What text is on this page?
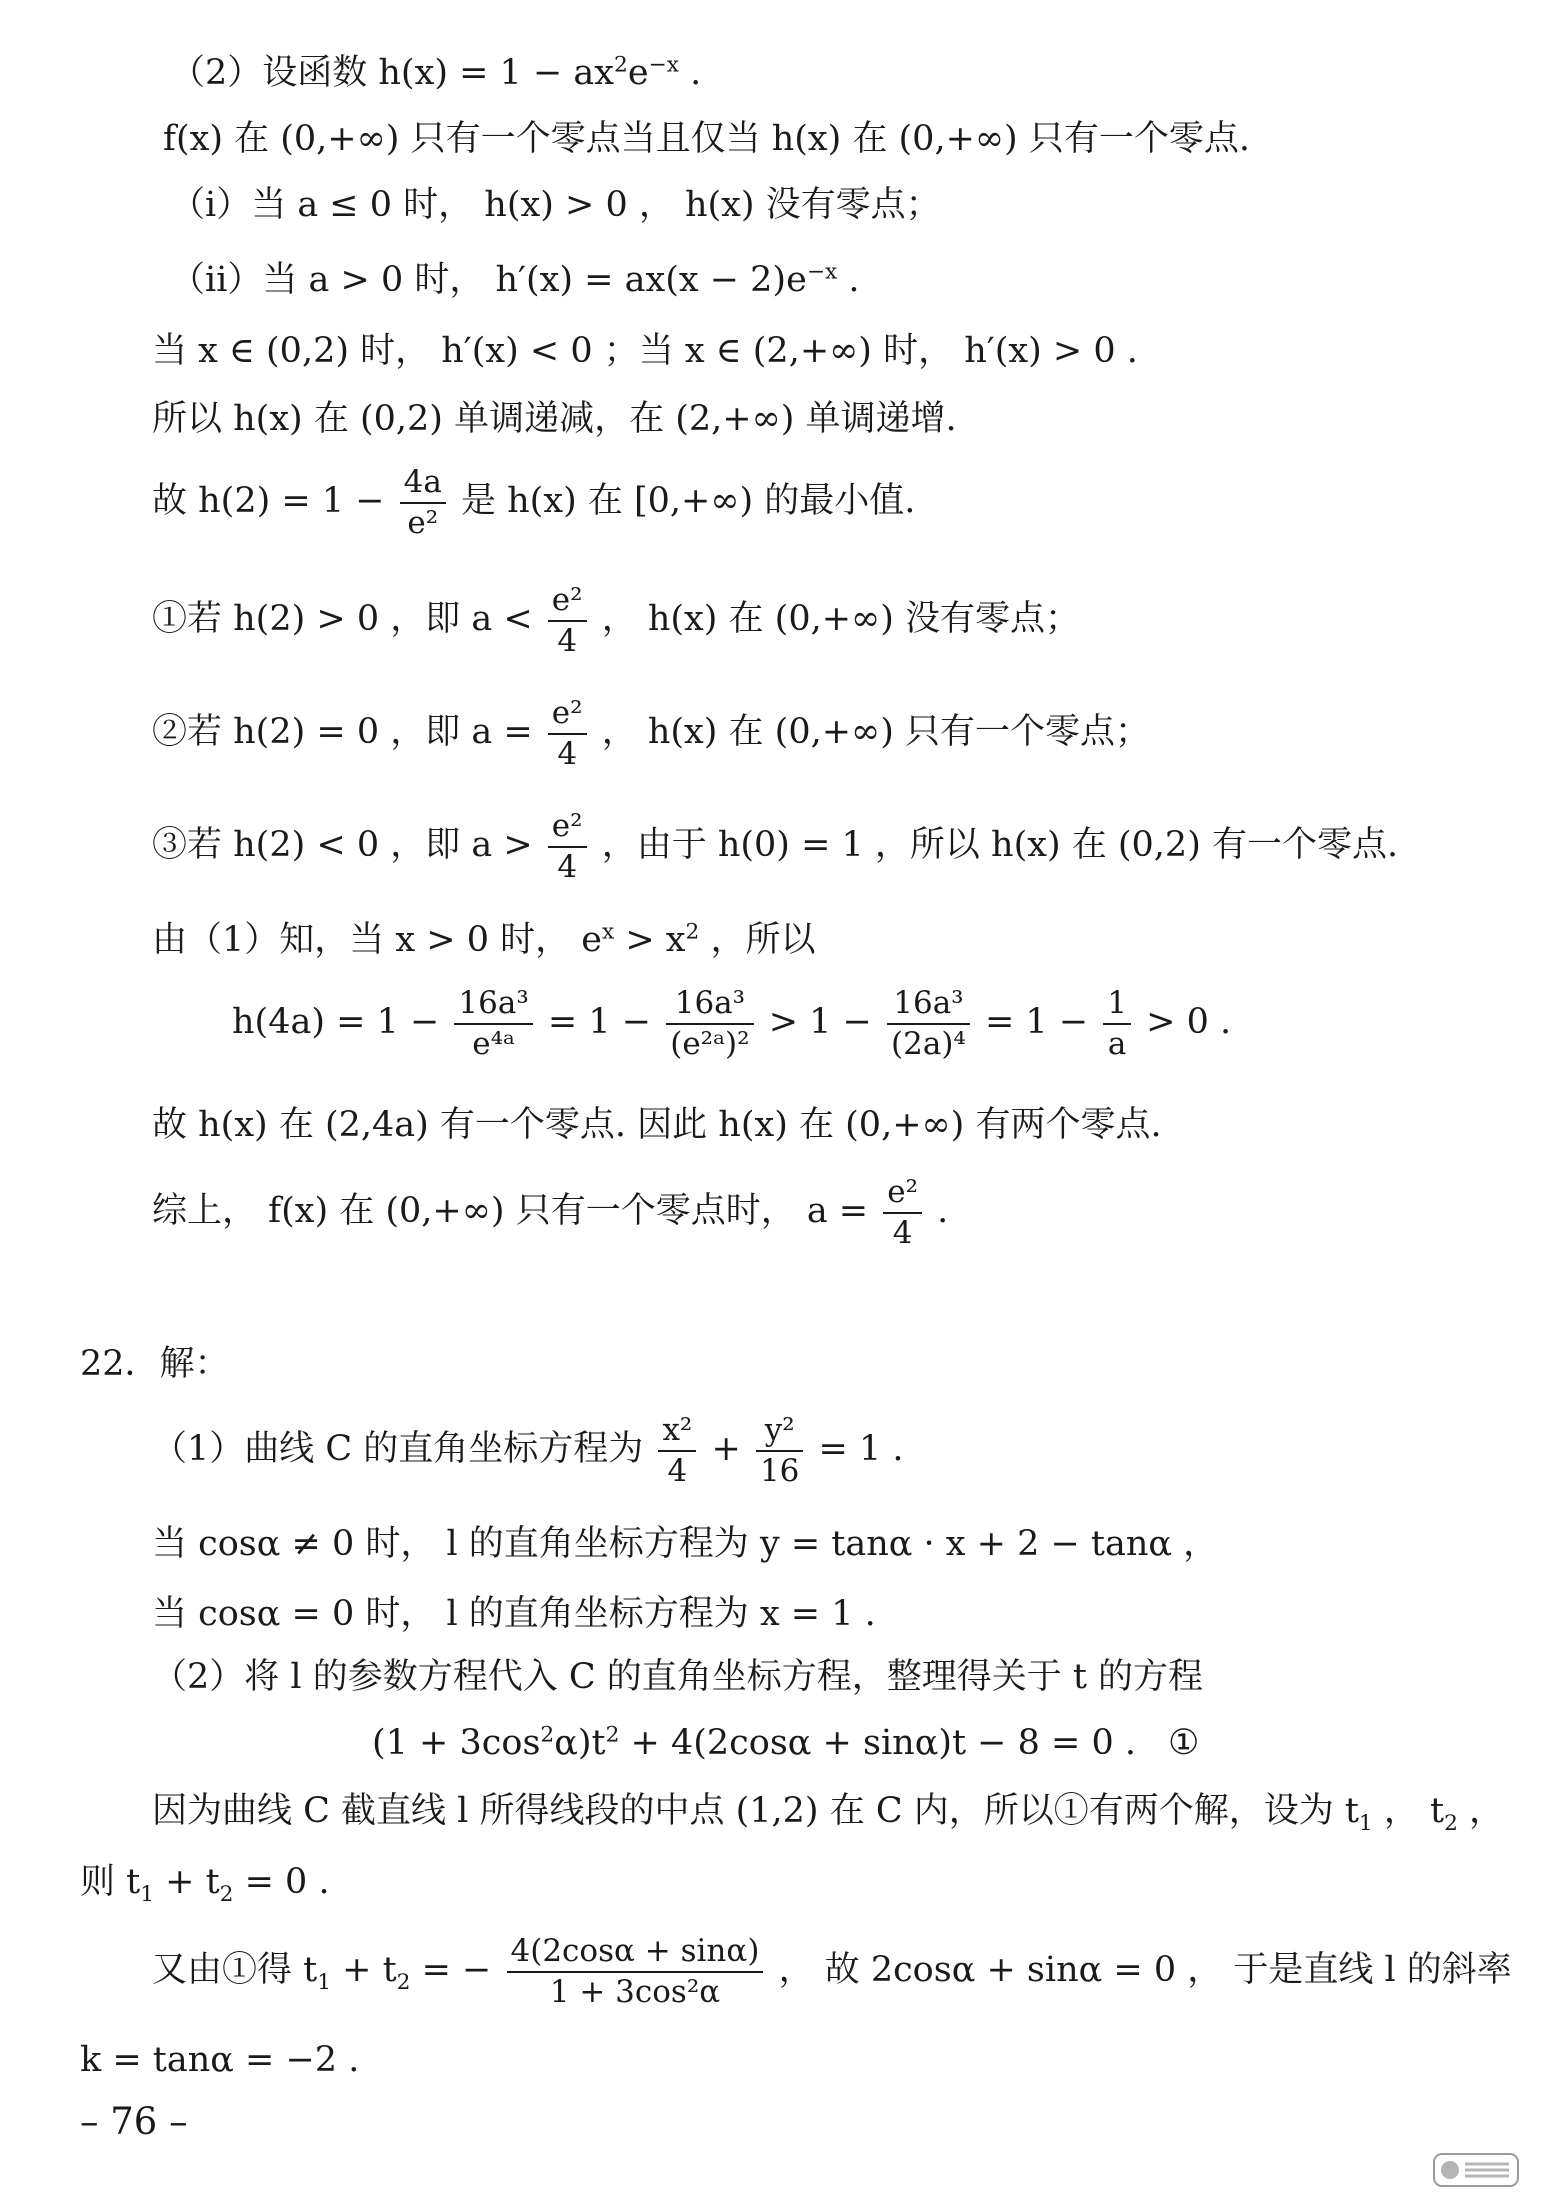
（2）设函数 $h(x) = 1 - ax^2e^{-x}$ .
f(x) 在 (0,+∞) 只有一个零点当且仅当 h(x) 在 (0,+∞) 只有一个零点.
（ⅰ）当 a ≤ 0 时， h(x) > 0 ， h(x) 没有零点；
（ⅱ）当 a > 0 时， $h'(x) = ax(x - 2)e^{-x}$ .
当 x ∈ (0,2) 时， h′(x) < 0 ；当 x ∈ (2,+∞) 时， h′(x) > 0 .
所以 h(x) 在 (0,2) 单调递减，在 (2,+∞) 单调递增.
故 $h(2) = 1 - \frac{4a}{\text{e²}}$ 是 h(x) 在 [0,+∞) 的最小值.
①若 h(2) > 0 ，即 $a < \frac{\text{e²}}{4}$ ， h(x) 在 (0,+∞) 没有零点；
②若 h(2) = 0 ，即 $a = \frac{\text{e²}}{4}$ ， h(x) 在 (0,+∞) 只有一个零点；
③若 h(2) < 0 ，即 $a > \frac{\text{e²}}{4}$ ，由于 h(0) = 1 ，所以 h(x) 在 (0,2) 有一个零点.
由（1）知，当 x > 0 时， $e^x > x^2$ ，所以
$h(4a) = 1 - \frac{\text{16a³}}{\text{e⁴ᵃ}} = 1 - \frac{\text{16a³}}{\text{(e²ᵃ)²}} > 1 - \frac{\text{16a³}}{\text{(2a)⁴}} = 1 - \frac{1}{a} > 0$ .
故 h(x) 在 (2,4a) 有一个零点. 因此 h(x) 在 (0,+∞) 有两个零点.
综上， f(x) 在 (0,+∞) 只有一个零点时， $a = \frac{\text{e²}}{4}$ .
22．解：
（1）曲线 C 的直角坐标方程为 $\frac{\text{x²}}{4} + \frac{\text{y²}}{16} = 1$ .
当 cosα ≠ 0 时， l 的直角坐标方程为 y = tanα · x + 2 − tanα ，
当 cosα = 0 时， l 的直角坐标方程为 x = 1 .
（2）将 l 的参数方程代入 C 的直角坐标方程，整理得关于 t 的方程
$(1 + 3\cos^2\alpha)t^2 + 4(2\cos\alpha + \sin\alpha)t - 8 = 0$ . ①
因为曲线 C 截直线 l 所得线段的中点 (1,2) 在 C 内，所以①有两个解，设为 $t_1$ ， $t_2$ ，
则 $t_1 + t_2 = 0$ .
又由①得 $t_1 + t_2$ = − $\frac{4(2\cos\alpha + \sin\alpha)}{\text{1 + 3cos²α}}$ ， 故 2cosα + sinα = 0 ， 于是直线 l 的斜率
k = tanα = −2 .
– 76 –
